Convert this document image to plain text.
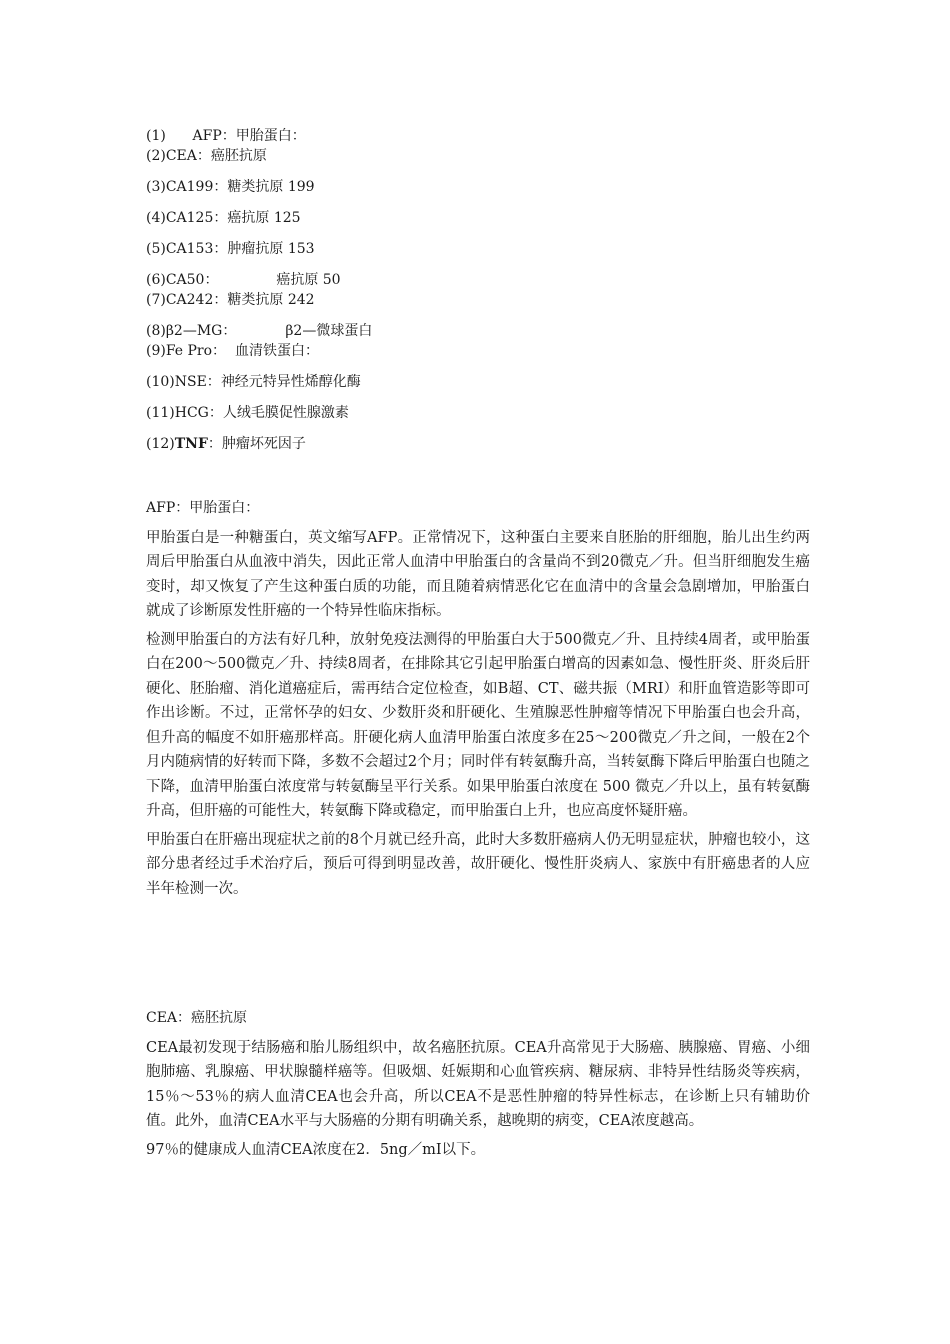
(1)      AFP：甲胎蛋白：
(2)CEA：癌胚抗原
(3)CA199：糖类抗原 199
(4)CA125：癌抗原 125
(5)CA153：肿瘤抗原 153
(6)CA50：             癌抗原 50
(7)CA242：糖类抗原 242
(8)β2—MG：           β2—微球蛋白
(9)Fe Pro：  血清铁蛋白：
(10)NSE：神经元特异性烯醇化酶
(11)HCG：人绒毛膜促性腺激素
(12)TNF：肿瘤坏死因子
AFP：甲胎蛋白：

甲胎蛋白是一种糖蛋白，英文缩写AFP。正常情况下，这种蛋白主要来自胚胎的肝细胞，胎儿出生约两周后甲胎蛋白从血液中消失，因此正常人血清中甲胎蛋白的含量尚不到20微克／升。但当肝细胞发生癌变时，却又恢复了产生这种蛋白质的功能，而且随着病情恶化它在血清中的含量会急剧增加，甲胎蛋白就成了诊断原发性肝癌的一个特异性临床指标。

检测甲胎蛋白的方法有好几种，放射免疫法测得的甲胎蛋白大于500微克／升、且持续4周者，或甲胎蛋白在200～500微克／升、持续8周者，在排除其它引起甲胎蛋白增高的因素如急、慢性肝炎、肝炎后肝硬化、胚胎瘤、消化道癌症后，需再结合定位检查，如B超、CT、磁共振（MRI）和肝血管造影等即可作出诊断。不过，正常怀孕的妇女、少数肝炎和肝硬化、生殖腺恶性肿瘤等情况下甲胎蛋白也会升高，但升高的幅度不如肝癌那样高。肝硬化病人血清甲胎蛋白浓度多在25～200微克／升之间，一般在2个月内随病情的好转而下降，多数不会超过2个月；同时伴有转氨酶升高，当转氨酶下降后甲胎蛋白也随之下降，血清甲胎蛋白浓度常与转氨酶呈平行关系。如果甲胎蛋白浓度在 500 微克／升以上，虽有转氨酶升高，但肝癌的可能性大，转氨酶下降或稳定，而甲胎蛋白上升，也应高度怀疑肝癌。

甲胎蛋白在肝癌出现症状之前的8个月就已经升高，此时大多数肝癌病人仍无明显症状，肿瘤也较小，这部分患者经过手术治疗后，预后可得到明显改善，故肝硬化、慢性肝炎病人、家族中有肝癌患者的人应半年检测一次。

CEA：癌胚抗原

CEA最初发现于结肠癌和胎儿肠组织中，故名癌胚抗原。CEA升高常见于大肠癌、胰腺癌、胃癌、小细胞肺癌、乳腺癌、甲状腺髓样癌等。但吸烟、妊娠期和心血管疾病、糖尿病、非特异性结肠炎等疾病，15％～53％的病人血清CEA也会升高，所以CEA不是恶性肿瘤的特异性标志，在诊断上只有辅助价值。此外，血清CEA水平与大肠癌的分期有明确关系，越晚期的病变，CEA浓度越高。

97％的健康成人血清CEA浓度在2．5ng／mI以下。
